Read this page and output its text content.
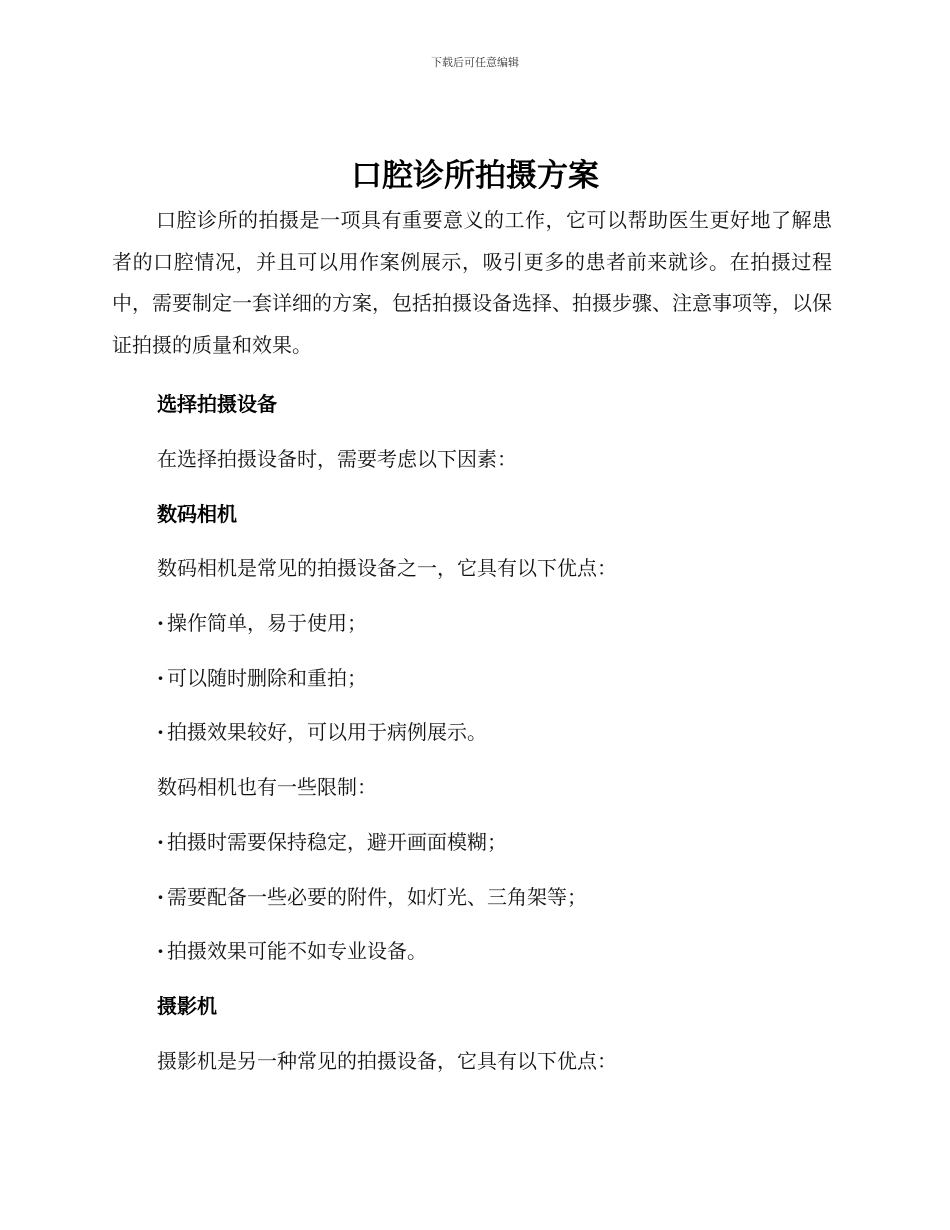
下载后可任意编辑
口腔诊所拍摄方案

口腔诊所的拍摄是一项具有重要意义的工作，它可以帮助医生更好地了解患者的口腔情况，并且可以用作案例展示，吸引更多的患者前来就诊。在拍摄过程中，需要制定一套详细的方案，包括拍摄设备选择、拍摄步骤、注意事项等，以保证拍摄的质量和效果。

选择拍摄设备

在选择拍摄设备时，需要考虑以下因素：

数码相机

数码相机是常见的拍摄设备之一，它具有以下优点：

· 操作简单，易于使用；

· 可以随时删除和重拍；

· 拍摄效果较好，可以用于病例展示。

数码相机也有一些限制：

· 拍摄时需要保持稳定，避开画面模糊；

· 需要配备一些必要的附件，如灯光、三角架等；

· 拍摄效果可能不如专业设备。

摄影机

摄影机是另一种常见的拍摄设备，它具有以下优点：
